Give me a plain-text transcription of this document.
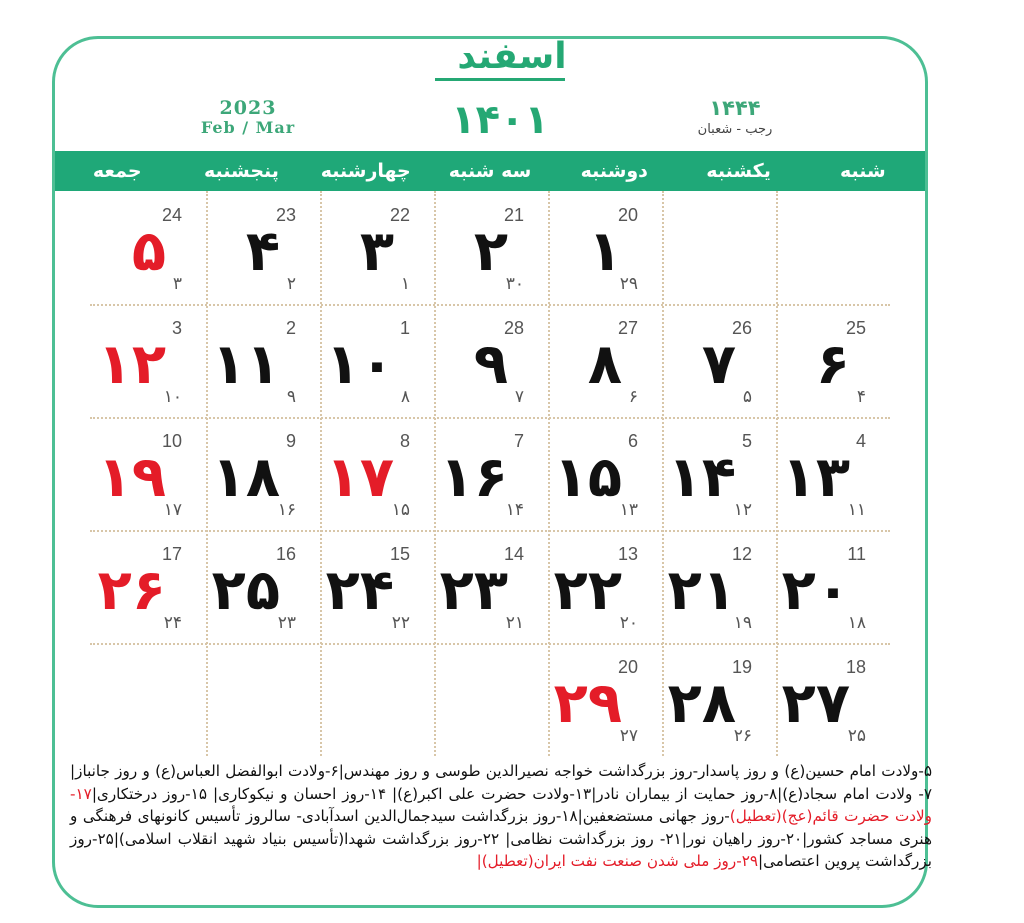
اسفند
2023
Feb / Mar	۱۴۰۱	۱۴۴۴
رجب - شعبان
شنبه
یکشنبه
دوشنبه
سه شنبه
چهارشنبه
پنجشنبه
جمعه
20
۱
۲۹
21
۲
۳۰
22
۳ ۱
23
۴ ۲
24
۵ ۳
25
۶ ۴
26
۷ ۵
27
۸ ۶
28
۹ ۷
1
۱۰ ۸
2
۱۱ ۹
3
۱۲
۱۰
4
۱۳
۱۱
5
۱۴
۱۲
6
۱۵
۱۳
7
۱۶
۱۴
8
۱۷
۱۵
9
۱۸
۱۶
10
۱۹
۱۷
11
۲۰
۱۸
12
۲۱
۱۹
13
۲۲
۲۰
14
۲۳
۲۱
15
۲۴
۲۲
16
۲۵
۲۳
17
۲۶
۲۴
18
۲۷
۲۵
19
۲۸
۲۶
20
۲۹
۲۷
۵-ولادت امام حسین(ع) و روز پاسدار-روز بزرگداشت خواجه نصیرالدین طوسی و روز مهندس|۶-ولادت ابوالفضل العباس(ع) و روز جانباز| ۷- ولادت امام سجاد(ع)|۸-روز حمایت از بیماران نادر|۱۳-ولادت حضرت علی اکبر(ع)| ۱۴-روز احسان و نیکوکاری| ۱۵-روز درختکاری|۱۷-ولادت حضرت قائم(عج)(تعطیل)-روز جهانی مستضعفین|۱۸-روز بزرگداشت سیدجمال‌الدین اسدآبادی- سالروز تأسیس کانونهای فرهنگی و هنری مساجد کشور|۲۰-روز راهیان نور|۲۱- روز بزرگداشت نظامی| ۲۲-روز بزرگداشت شهدا(تأسیس بنیاد شهید انقلاب اسلامی)|۲۵-روز بزرگداشت پروین اعتصامی|۲۹-روز ملی شدن صنعت نفت ایران(تعطیل)|
